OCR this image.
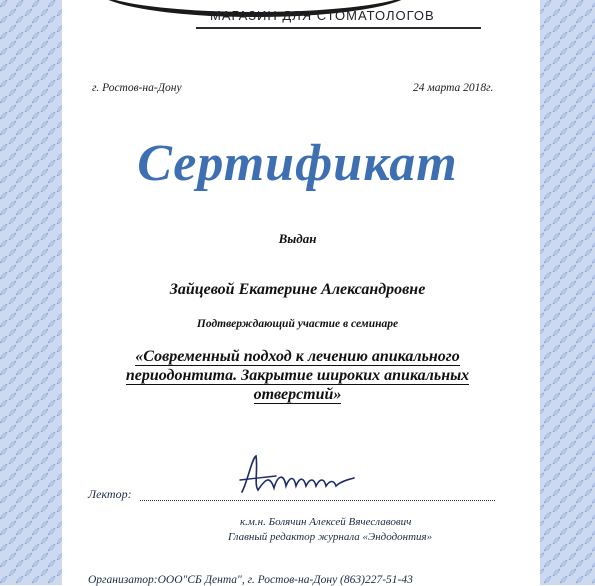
МАГАЗИН ДЛЯ СТОМАТОЛОГОВ
г. Ростов-на-Дону	24 марта 2018г.
Сертификат
Выдан
Зайцевой Екатерине Александровне
Подтверждающий участие в семинаре
«Современный подход к лечению апикального
периодонтита. Закрытие широких апикальных
отверстий»
Лектор:
к.м.н. Болячин Алексей Вячеславович
Главный редактор журнала «Эндодонтия»
Организатор:ООО"СБ Дента", г. Ростов-на-Дону (863)227-51-43
